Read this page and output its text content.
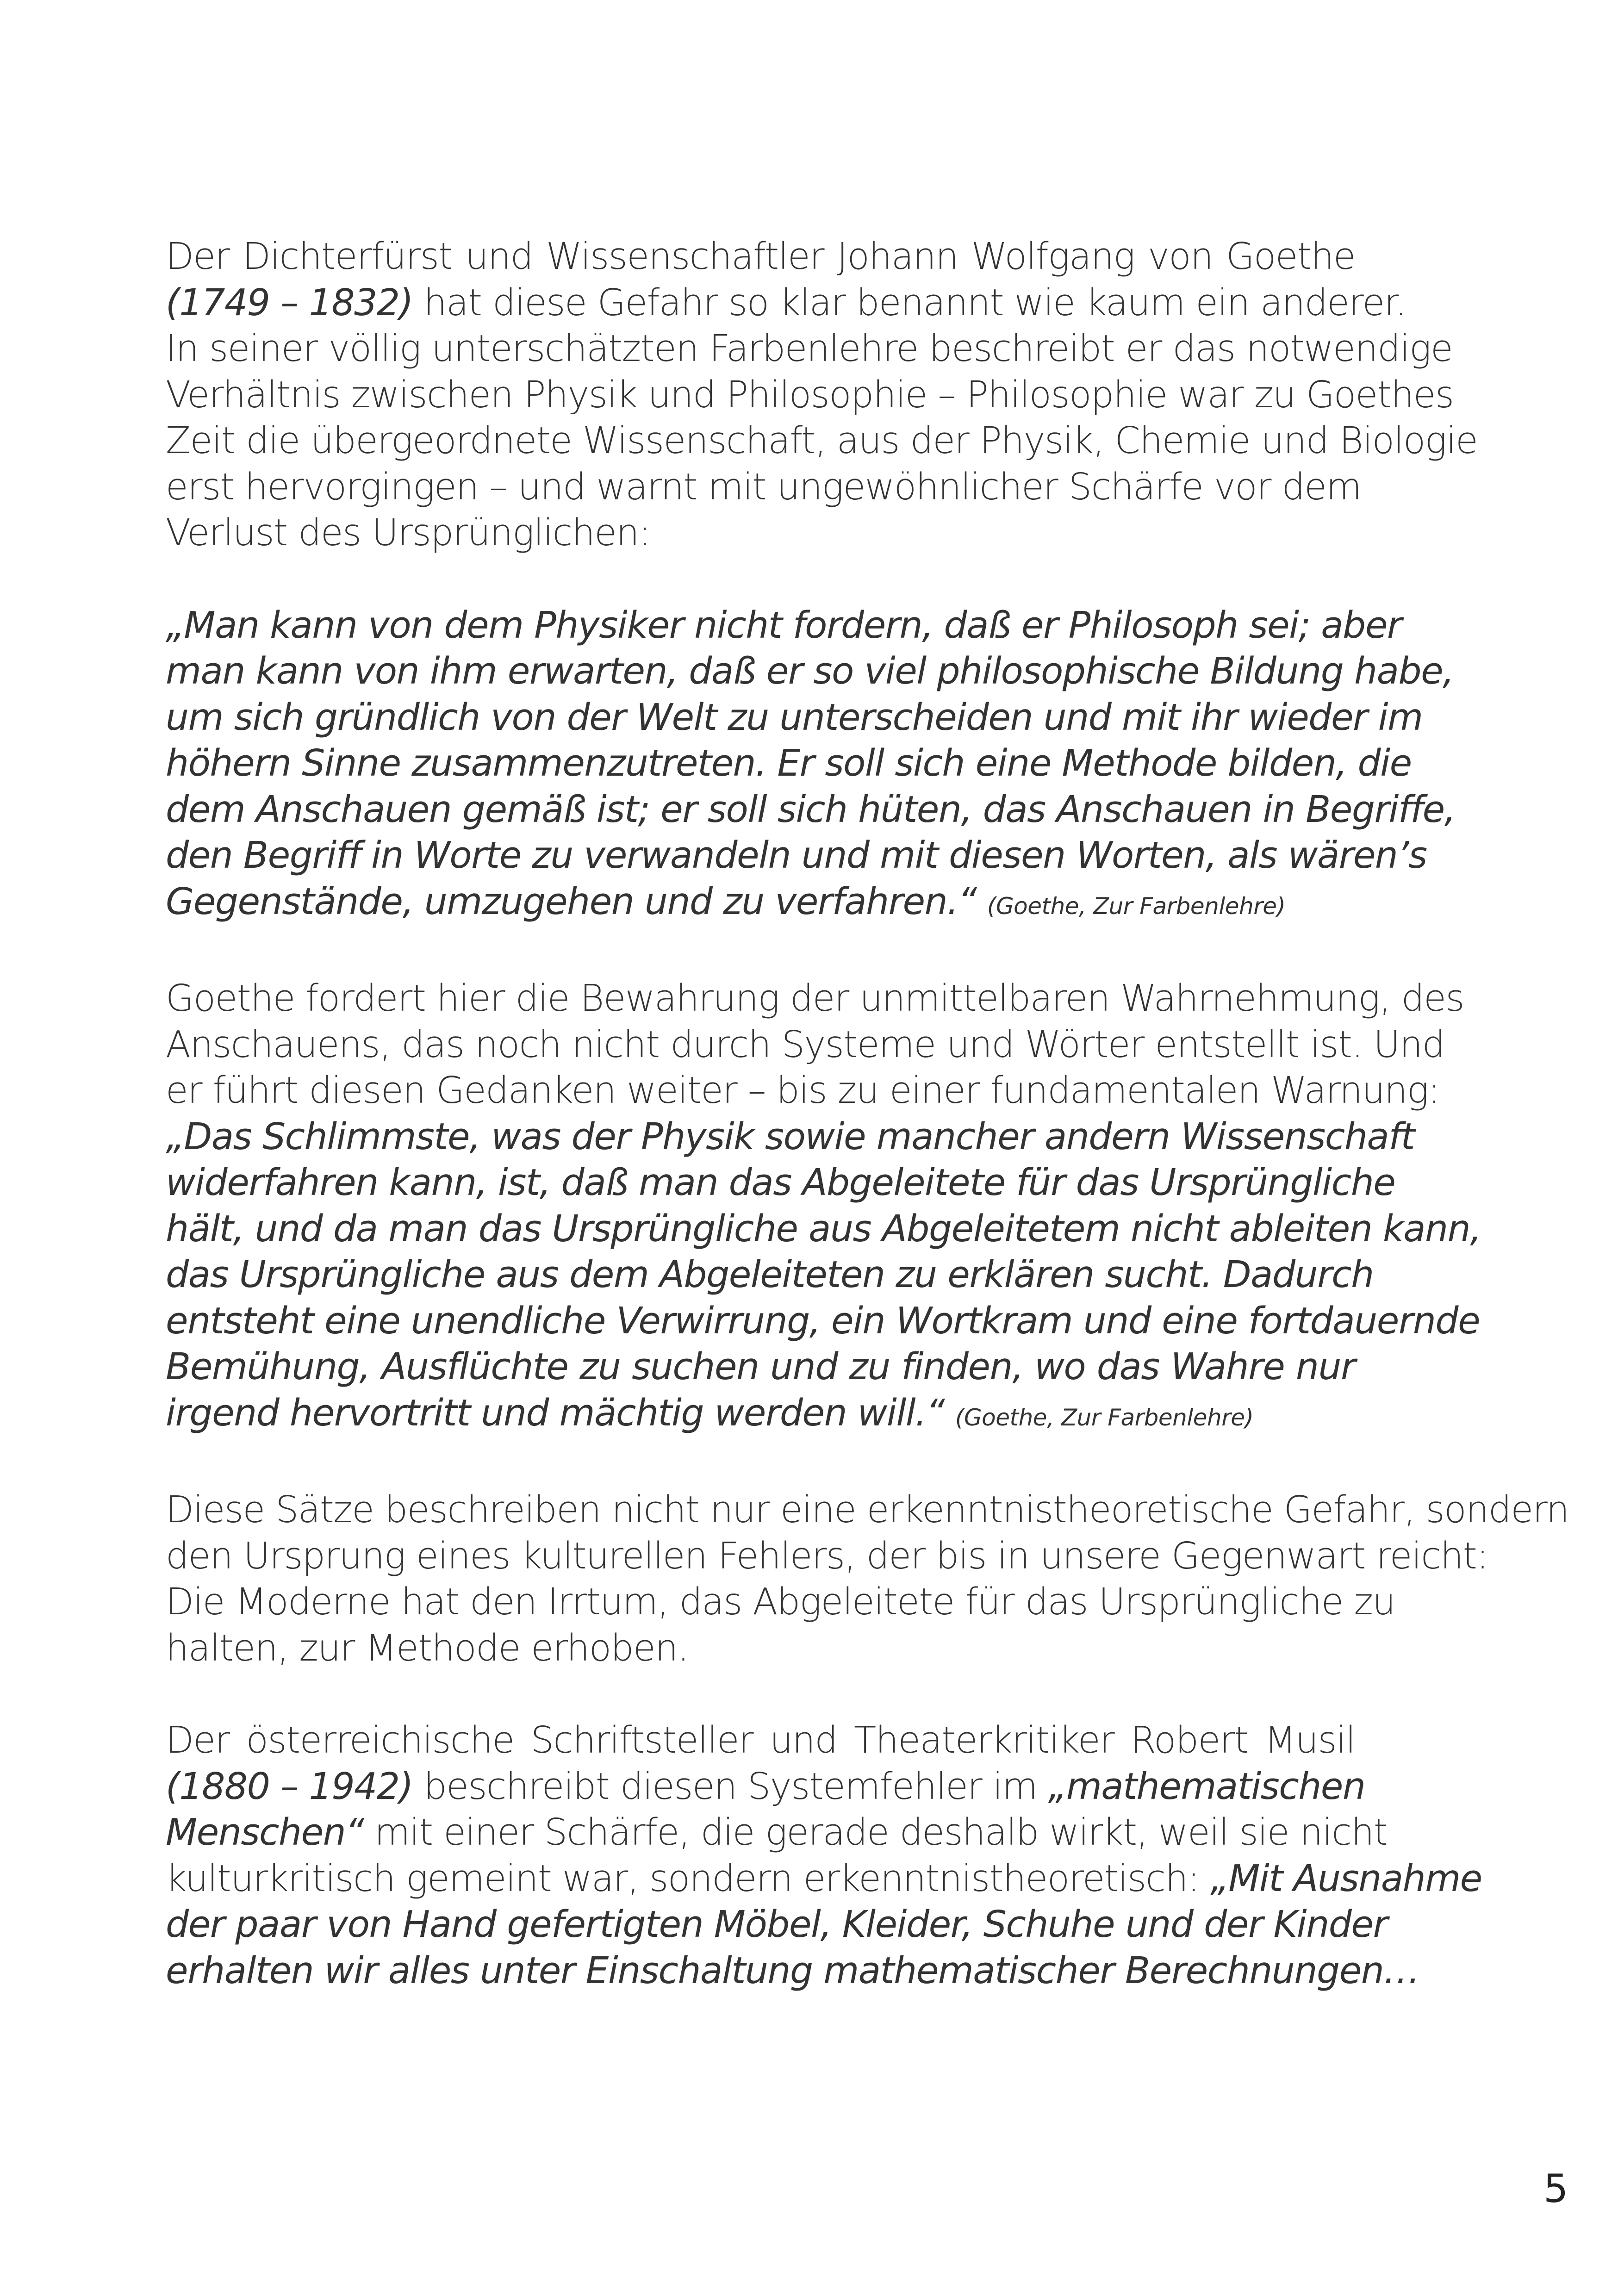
Der Dichterfürst und Wissenschaftler Johann Wolfgang von Goethe
(1749 – 1832) hat diese Gefahr so klar benannt wie kaum ein anderer.
In seiner völlig unterschätzten Farbenlehre beschreibt er das notwendige
Verhältnis zwischen Physik und Philosophie – Philosophie war zu Goethes
Zeit die übergeordnete Wissenschaft, aus der Physik, Chemie und Biologie
erst hervorgingen – und warnt mit ungewöhnlicher Schärfe vor dem
Verlust des Ursprünglichen:
„Man kann von dem Physiker nicht fordern, daß er Philosoph sei; aber
man kann von ihm erwarten, daß er so viel philosophische Bildung habe,
um sich gründlich von der Welt zu unterscheiden und mit ihr wieder im
höhern Sinne zusammenzutreten. Er soll sich eine Methode bilden, die
dem Anschauen gemäß ist; er soll sich hüten, das Anschauen in Begriffe,
den Begriff in Worte zu verwandeln und mit diesen Worten, als wären’s
Gegenstände, umzugehen und zu verfahren.“ (Goethe, Zur Farbenlehre)
Goethe fordert hier die Bewahrung der unmittelbaren Wahrnehmung, des
Anschauens, das noch nicht durch Systeme und Wörter entstellt ist. Und
er führt diesen Gedanken weiter – bis zu einer fundamentalen Warnung:
„Das Schlimmste, was der Physik sowie mancher andern Wissenschaft
widerfahren kann, ist, daß man das Abgeleitete für das Ursprüngliche
hält, und da man das Ursprüngliche aus Abgeleitetem nicht ableiten kann,
das Ursprüngliche aus dem Abgeleiteten zu erklären sucht. Dadurch
entsteht eine unendliche Verwirrung, ein Wortkram und eine fortdauernde
Bemühung, Ausflüchte zu suchen und zu finden, wo das Wahre nur
irgend hervortritt und mächtig werden will.“ (Goethe, Zur Farbenlehre)
Diese Sätze beschreiben nicht nur eine erkenntnistheoretische Gefahr, sondern
den Ursprung eines kulturellen Fehlers, der bis in unsere Gegenwart reicht:
Die Moderne hat den Irrtum, das Abgeleitete für das Ursprüngliche zu
halten, zur Methode erhoben.
Der österreichische Schriftsteller und Theaterkritiker Robert Musil
(1880 – 1942) beschreibt diesen Systemfehler im „mathematischen
Menschen“ mit einer Schärfe, die gerade deshalb wirkt, weil sie nicht
kulturkritisch gemeint war, sondern erkenntnistheoretisch: „Mit Ausnahme
der paar von Hand gefertigten Möbel, Kleider, Schuhe und der Kinder
erhalten wir alles unter Einschaltung mathematischer Berechnungen…
5
